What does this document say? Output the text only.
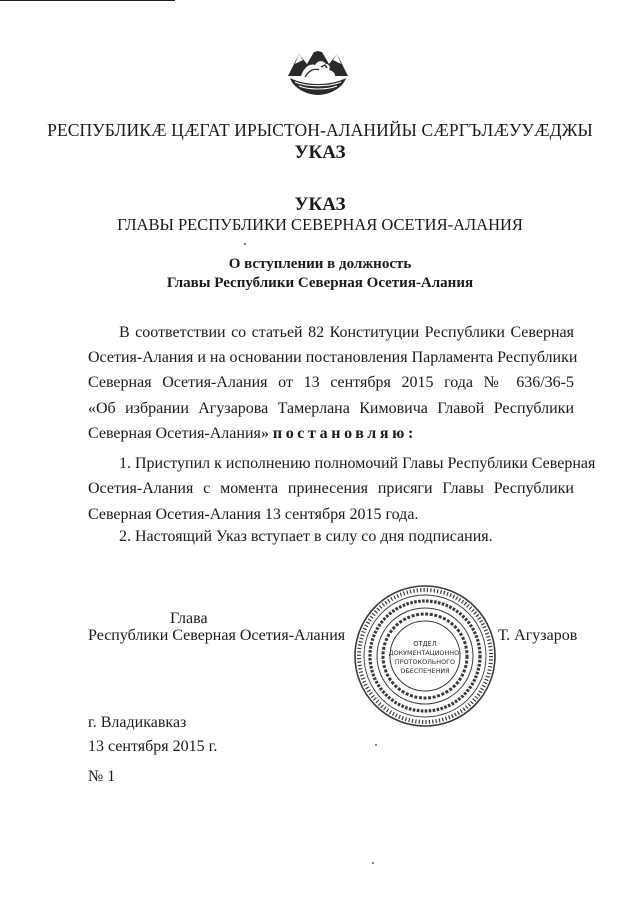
РЕСПУБЛИКӔ ЦӔГАТ ИРЫСТОН-АЛАНИЙЫ СӔРГЪЛӔУУӔДЖЫ
УКАЗ
УКАЗ
ГЛАВЫ РЕСПУБЛИКИ СЕВЕРНАЯ ОСЕТИЯ-АЛАНИЯ
О вступлении в должность
Главы Республики Северная Осетия-Алания
В соответствии со статьей 82 Конституции Республики Северная
Осетия-Алания и на основании постановления Парламента Республики
Северная Осетия-Алания от 13 сентября 2015 года № 636/36-5
«Об избрании Агузарова Тамерлана Кимовича Главой Республики
Северная Осетия-Алания» постановляю:
1. Приступил к исполнению полномочий Главы Республики Северная
Осетия-Алания с момента принесения присяги Главы Республики
Северная Осетия-Алания 13 сентября 2015 года.
2. Настоящий Указ вступает в силу со дня подписания.
Глава
Республики Северная Осетия-Алания	ОТДЕЛ
ДОКУМЕНТАЦИОННО-
ПРОТОКОЛЬНОГО
ОБЕСПЕЧЕНИЯ
Т. Агузаров
г. Владикавказ
13 сентября 2015 г.
№ 1
